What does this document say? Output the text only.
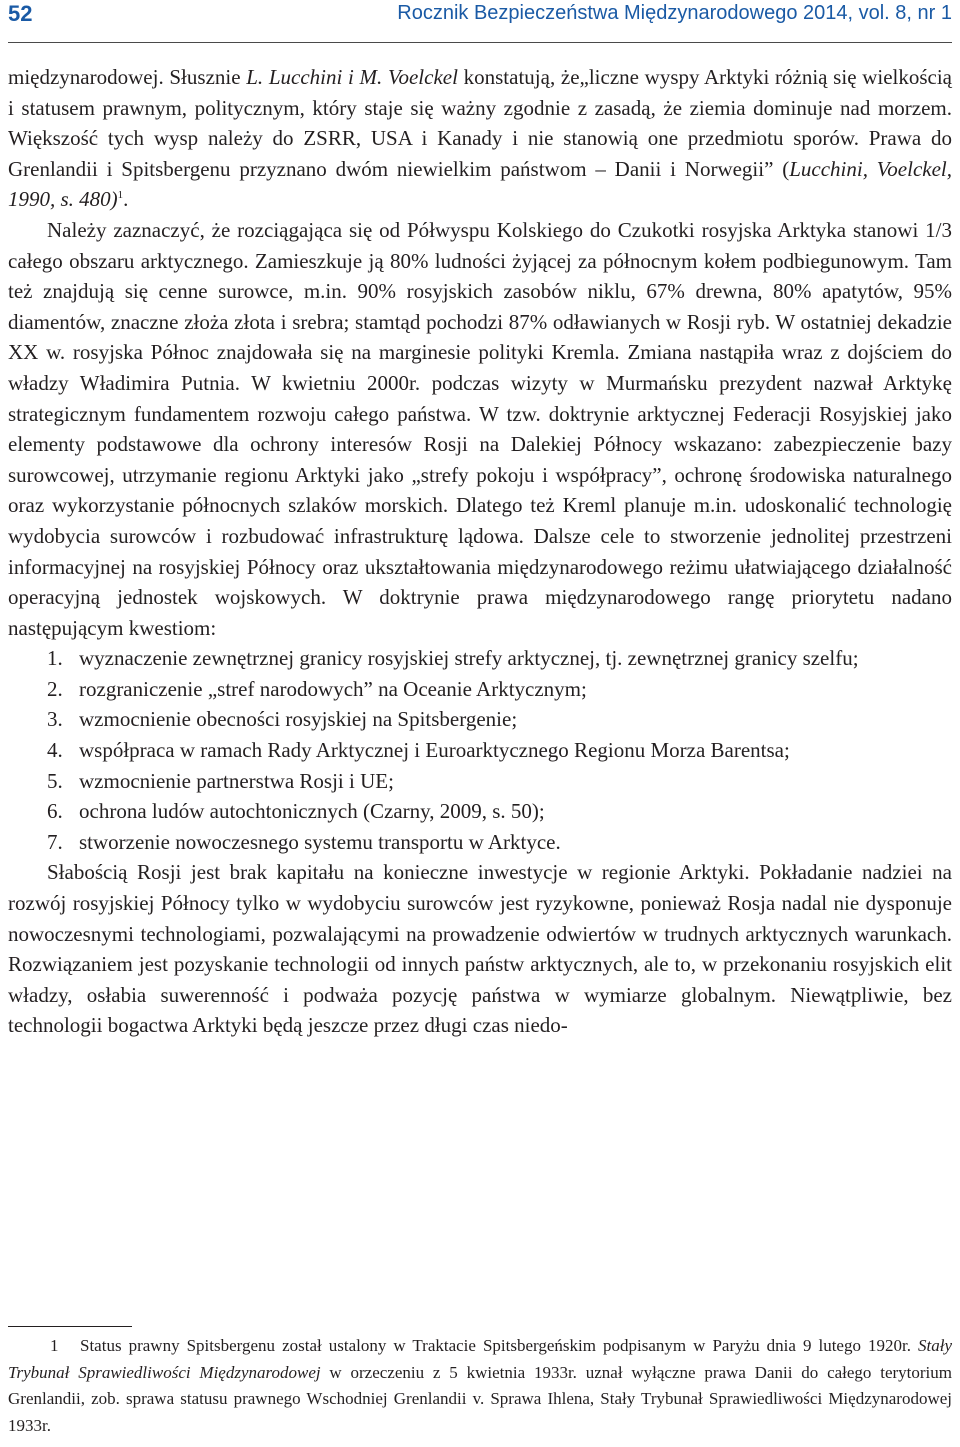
52	Rocznik Bezpieczeństwa Międzynarodowego 2014, vol. 8, nr 1

międzynarodowej. Słusznie L. Lucchini i M. Voelckel konstatują, że„liczne wyspy Arktyki różnią się wielkością i statusem prawnym, politycznym, który staje się ważny zgodnie z zasadą, że ziemia dominuje nad morzem. Większość tych wysp należy do ZSRR, USA i Kanady i nie stanowią one przedmiotu sporów. Prawa do Grenlandii i Spitsbergenu przyznano dwóm niewielkim państwom – Danii i Norwegii” (Lucchini, Voelckel, 1990, s. 480)$^1$.

Należy zaznaczyć, że rozciągająca się od Półwyspu Kolskiego do Czukotki rosyjska Arktyka stanowi 1/3 całego obszaru arktycznego. Zamieszkuje ją 80% ludności żyjącej za północnym kołem podbiegunowym. Tam też znajdują się cenne surowce, m.in. 90% rosyjskich zasobów niklu, 67% drewna, 80% apatytów, 95% diamentów, znaczne złoża złota i srebra; stamtąd pochodzi 87% odławianych w Rosji ryb. W ostatniej dekadzie XX w. rosyjska Północ znajdowała się na marginesie polityki Kremla. Zmiana nastąpiła wraz z dojściem do władzy Władimira Putnia. W kwietniu 2000r. podczas wizyty w Murmańsku prezydent nazwał Arktykę strategicznym fundamentem rozwoju całego państwa. W tzw. doktrynie arktycznej Federacji Rosyjskiej jako elementy podstawowe dla ochrony interesów Rosji na Dalekiej Północy wskazano: zabezpieczenie bazy surowcowej, utrzymanie regionu Arktyki jako „strefy pokoju i współpracy”, ochronę środowiska naturalnego oraz wykorzystanie północnych szlaków morskich. Dlatego też Kreml planuje m.in. udoskonalić technologię wydobycia surowców i rozbudować infrastrukturę lądowa. Dalsze cele to stworzenie jednolitej przestrzeni informacyjnej na rosyjskiej Północy oraz ukształtowania międzynarodowego reżimu ułatwiającego działalność operacyjną jednostek wojskowych. W doktrynie prawa międzynarodowego rangę priorytetu nadano następującym kwestiom:

1. wyznaczenie zewnętrznej granicy rosyjskiej strefy arktycznej, tj. zewnętrznej granicy szelfu;

2. rozgraniczenie „stref narodowych” na Oceanie Arktycznym;

3. wzmocnienie obecności rosyjskiej na Spitsbergenie;

4. współpraca w ramach Rady Arktycznej i Euroarktycznego Regionu Morza Barentsa;

5. wzmocnienie partnerstwa Rosji i UE;

6. ochrona ludów autochtonicznych (Czarny, 2009, s. 50);

7. stworzenie nowoczesnego systemu transportu w Arktyce.

Słabością Rosji jest brak kapitału na konieczne inwestycje w regionie Arktyki. Pokładanie nadziei na rozwój rosyjskiej Północy tylko w wydobyciu surowców jest ryzykowne, ponieważ Rosja nadal nie dysponuje nowoczesnymi technologiami, pozwalającymi na prowadzenie odwiertów w trudnych arktycznych warunkach. Rozwiązaniem jest pozyskanie technologii od innych państw arktycznych, ale to, w przekonaniu rosyjskich elit władzy, osłabia suwerenność i podważa pozycję państwa w wymiarze globalnym. Niewątpliwie, bez technologii bogactwa Arktyki będą jeszcze przez długi czas niedo-

1 Status prawny Spitsbergenu został ustalony w Traktacie Spitsbergeńskim podpisanym w Paryżu dnia 9 lutego 1920r. Stały Trybunał Sprawiedliwości Międzynarodowej w orzeczeniu z 5 kwietnia 1933r. uznał wyłączne prawa Danii do całego terytorium Grenlandii, zob. sprawa statusu prawnego Wschodniej Grenlandii v. Sprawa Ihlena, Stały Trybunał Sprawiedliwości Międzynarodowej 1933r.
